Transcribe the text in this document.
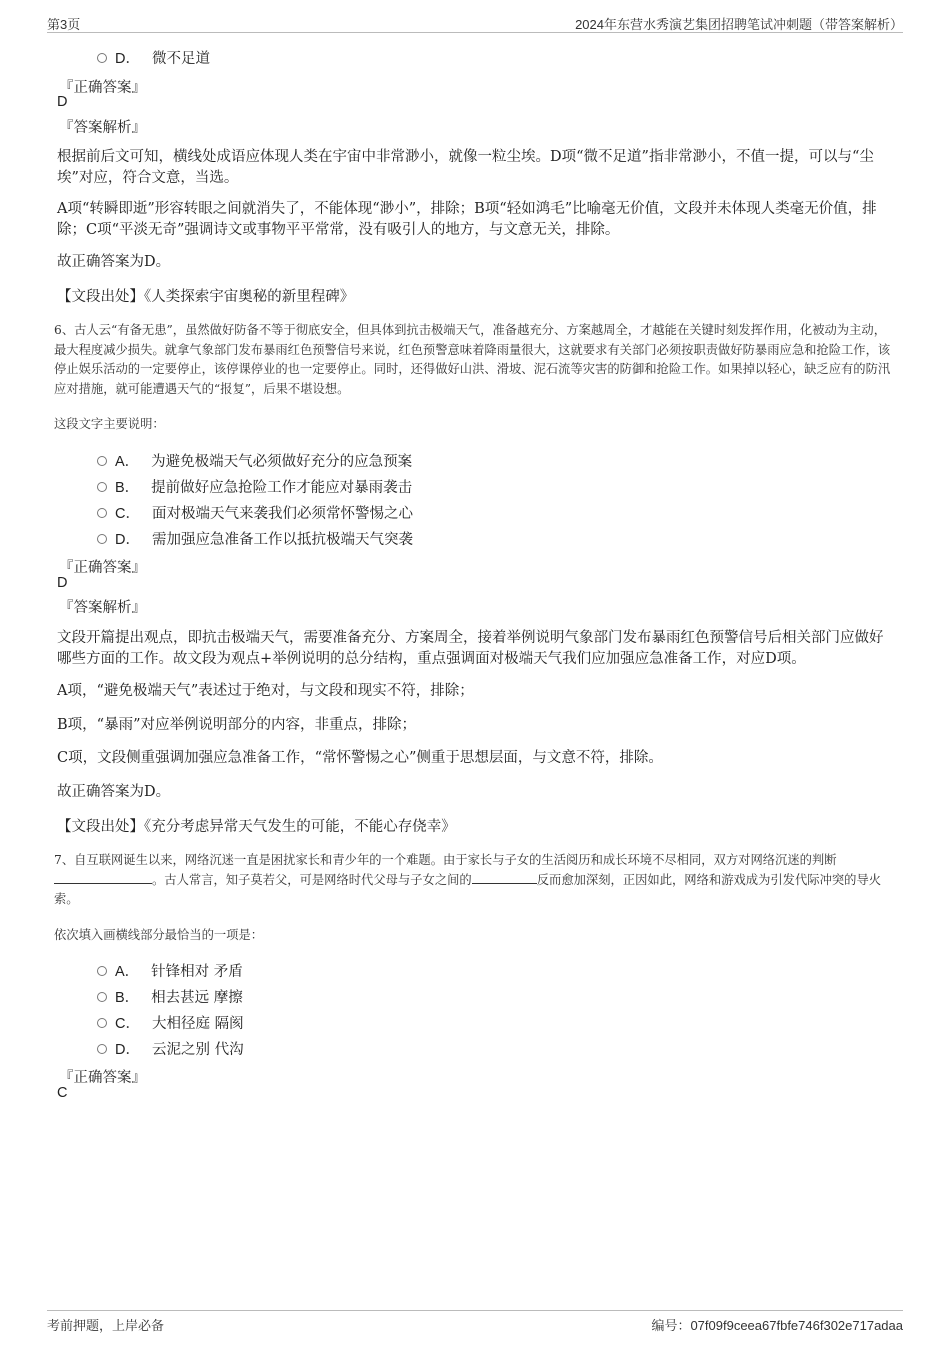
第3页	2024年东营水秀演艺集团招聘笔试冲刺题（带答案解析）
D． 微不足道
『正确答案』
D
『答案解析』
根据前后文可知，横线处成语应体现人类在宇宙中非常渺小，就像一粒尘埃。D项“微不足道”指非常渺小，不值一提，可以与“尘埃”对应，符合文意，当选。
A项“转瞬即逝”形容转眼之间就消失了，不能体现“渺小”，排除；B项“轻如鸿毛”比喻毫无价值，文段并未体现人类毫无价值，排除；C项“平淡无奇”强调诗文或事物平平常常，没有吸引人的地方，与文意无关，排除。
故正确答案为D。
【文段出处】《人类探索宇宙奥秘的新里程碑》
6、古人云“有备无患”，虽然做好防备不等于彻底安全，但具体到抗击极端天气，准备越充分、方案越周全，才越能在关键时刻发挥作用，化被动为主动，最大程度减少损失。就拿气象部门发布暴雨红色预警信号来说，红色预警意味着降雨量很大，这就要求有关部门必须按职责做好防暴雨应急和抢险工作，该停止娱乐活动的一定要停止，该停课停业的也一定要停止。同时，还得做好山洪、滑坡、泥石流等灾害的防御和抢险工作。如果掉以轻心，缺乏应有的防汛应对措施，就可能遭遇天气的“报复”，后果不堪设想。
这段文字主要说明：
A． 为避免极端天气必须做好充分的应急预案
B． 提前做好应急抢险工作才能应对暴雨袭击
C． 面对极端天气来袭我们必须常怀警惕之心
D． 需加强应急准备工作以抵抗极端天气突袭
『正确答案』
D
『答案解析』
文段开篇提出观点，即抗击极端天气，需要准备充分、方案周全，接着举例说明气象部门发布暴雨红色预警信号后相关部门应做好哪些方面的工作。故文段为观点+举例说明的总分结构，重点强调面对极端天气我们应加强应急准备工作，对应D项。
A项，“避免极端天气”表述过于绝对，与文段和现实不符，排除；
B项，“暴雨”对应举例说明部分的内容，非重点，排除；
C项，文段侧重强调加强应急准备工作，“常怀警惕之心”侧重于思想层面，与文意不符，排除。
故正确答案为D。
【文段出处】《充分考虑异常天气发生的可能，不能心存侥幸》
7、自互联网诞生以来，网络沉迷一直是困扰家长和青少年的一个难题。由于家长与子女的生活阅历和成长环境不尽相同，双方对网络沉迷的判断 。古人常言，知子莫若父，可是网络时代父母与子女之间的	反而愈加深刻，正因如此，网络和游戏成为引发代际冲突的导火索。
依次填入画横线部分最恰当的一项是：
A． 针锋相对 矛盾
B． 相去甚远 摩擦
C． 大相径庭 隔阂
D． 云泥之别 代沟
『正确答案』
C
考前押题，上岸必备	编号：07f09f9ceea67fbfe746f302e717adaa
